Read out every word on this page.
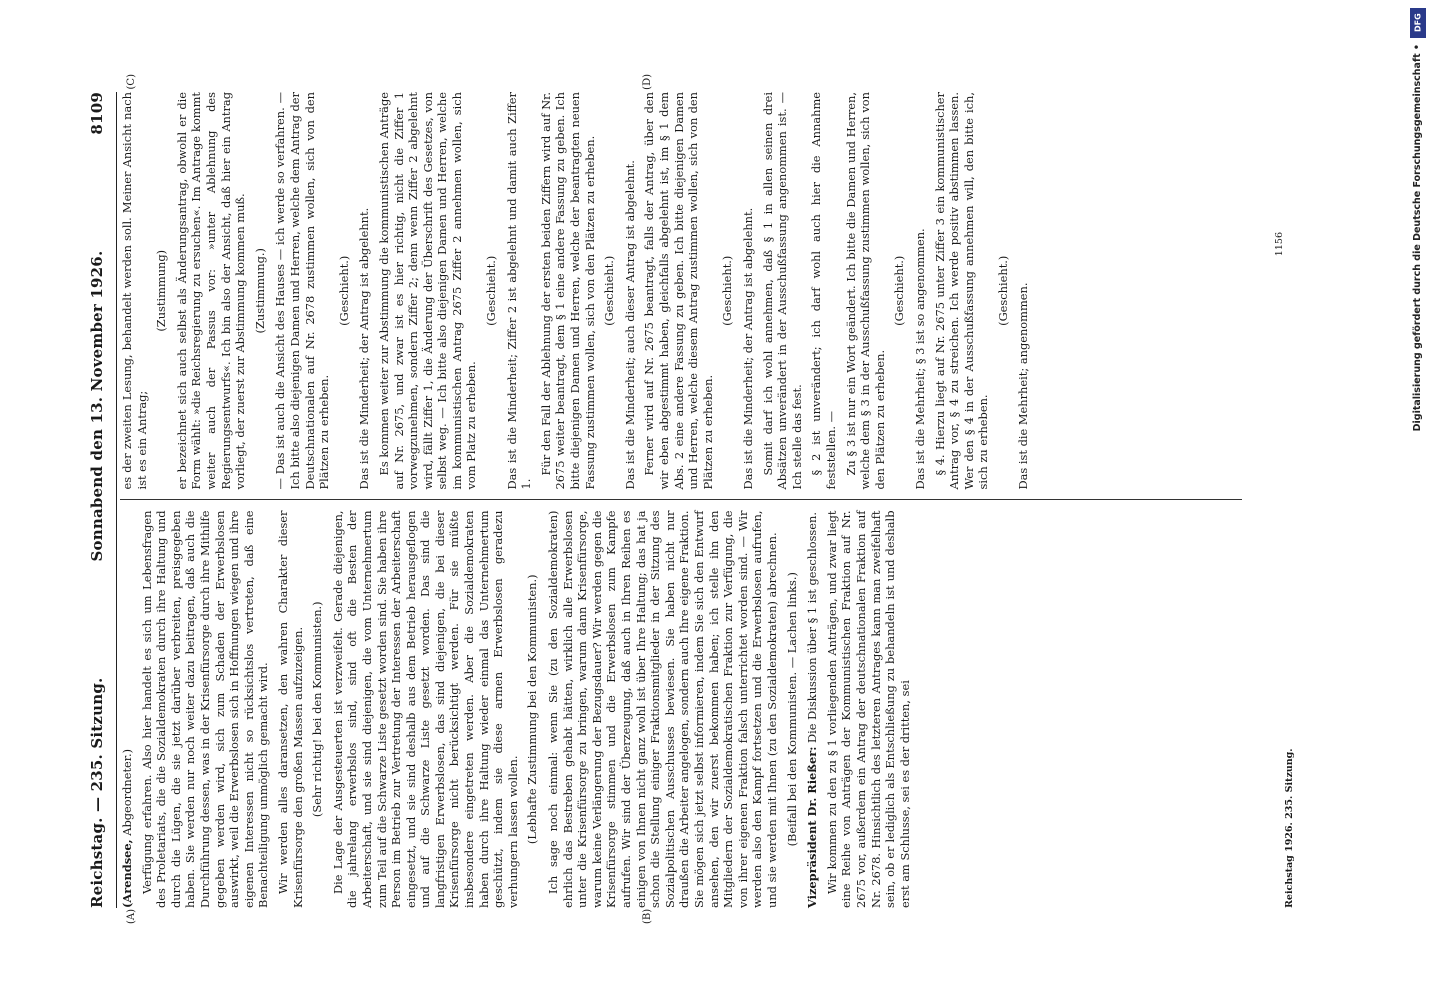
Reichstag. — 235. Sitzung.
Sonnabend den 13. November 1926.
8109
(A)	(B)
(C)	(D)

(Arendsee, Abgeordneter.) Verfügung erfahren. Also hier handelt es sich um Lebensfragen des Proletariats, die die Sozialdemokraten durch ihre Haltung und durch die Lügen, die sie jetzt darüber verbreiten, preisgegeben haben. Sie werden nur noch weiter dazu beitragen, daß auch die Durchführung dessen, was in der Krisenfürsorge durch ihre Mithilfe gegeben werden wird, sich zum Schaden der Erwerbslosen auswirkt, weil die Erwerbslosen sich in Hoffnungen wiegen und ihre eigenen Interessen nicht so rücksichtslos vertreten, daß eine Benachteiligung unmöglich gemacht wird. Wir werden alles daransetzen, den wahren Charakter dieser Krisenfürsorge den großen Massen aufzuzeigen. (Sehr richtig! bei den Kommunisten.) Die Lage der Ausgesteuerten ist verzweifelt. Gerade diejenigen, die jahrelang erwerbslos sind, sind oft die Besten der Arbeiterschaft, und sie sind diejenigen, die vom Unternehmertum zum Teil auf die Schwarze Liste gesetzt worden sind. Sie haben ihre Person im Betrieb zur Vertretung der Interessen der Arbeiterschaft eingesetzt, und sie sind deshalb aus dem Betrieb herausgeflogen und auf die Schwarze Liste gesetzt worden. Das sind die langfristigen Erwerbslosen, das sind diejenigen, die bei dieser Krisenfürsorge nicht berücksichtigt werden. Für sie müßte insbesondere eingetreten werden. Aber die Sozialdemokraten haben durch ihre Haltung wieder einmal das Unternehmertum geschützt, indem sie diese armen Erwerbslosen geradezu verhungern lassen wollen. (Lebhafte Zustimmung bei den Kommunisten.) Ich sage noch einmal: wenn Sie (zu den Sozialdemokraten) ehrlich das Bestreben gehabt hätten, wirklich alle Erwerbslosen unter die Krisenfürsorge zu bringen, warum dann Krisenfürsorge, warum keine Verlängerung der Bezugsdauer? Wir werden gegen die Krisenfürsorge stimmen und die Erwerbslosen zum Kampfe aufrufen. Wir sind der Überzeugung, daß auch in Ihren Reihen es einigen von Ihnen nicht ganz wohl ist über Ihre Haltung; das hat ja schon die Stellung einiger Fraktionsmitglieder in der Sitzung des Sozialpolitischen Ausschusses bewiesen. Sie haben nicht nur draußen die Arbeiter angelogen, sondern auch Ihre eigene Fraktion. Sie mögen sich jetzt selbst informieren, indem Sie sich den Entwurf ansehen, den wir zuerst bekommen haben; ich stelle ihn den Mitgliedern der Sozialdemokratischen Fraktion zur Verfügung, die von ihrer eigenen Fraktion falsch unterrichtet worden sind. — Wir werden also den Kampf fortsetzen und die Erwerbslosen aufrufen, und sie werden mit Ihnen (zu den Sozialdemokraten) abrechnen. (Beifall bei den Kommunisten. — Lachen links.) Vizepräsident Dr. Rießer: Die Diskussion über § 1 ist geschlossen. Wir kommen zu den zu § 1 vorliegenden Anträgen, und zwar liegt eine Reihe von Anträgen der Kommunistischen Fraktion auf Nr. 2675 vor, außerdem ein Antrag der deutschnationalen Fraktion auf Nr. 2678. Hinsichtlich des letzteren Antrages kann man zweifelhaft sein, ob er lediglich als Entschließung zu behandeln ist und deshalb erst am Schlusse, sei es der dritten, sei

es der zweiten Lesung, behandelt werden soll. Meiner Ansicht nach ist es ein Antrag;

(Zustimmung) er bezeichnet sich auch selbst als Änderungsantrag, obwohl er die Form wählt: »die Reichsregierung zu ersuchen«. Im Antrage kommt weiter auch der Passus vor: »unter Ablehnung des Regierungsentwurfs«. Ich bin also der Ansicht, daß hier ein Antrag vorliegt, der zuerst zur Abstimmung kommen muß. (Zustimmung.) — Das ist auch die Ansicht des Hauses — ich werde so verfahren. — Ich bitte also diejenigen Damen und Herren, welche dem Antrag der Deutschnationalen auf Nr. 2678 zustimmen wollen, sich von den Plätzen zu erheben.

(Geschieht.) Das ist die Minderheit; der Antrag ist abgelehnt. Es kommen weiter zur Abstimmung die kommunistischen Anträge auf Nr. 2675, und zwar ist es hier richtig, nicht die Ziffer 1 vorwegzunehmen, sondern Ziffer 2; denn wenn Ziffer 2 abgelehnt wird, fällt Ziffer 1, die Änderung der Überschrift des Gesetzes, von selbst weg. — Ich bitte also diejenigen Damen und Herren, welche im kommunistischen Antrag 2675 Ziffer 2 annehmen wollen, sich vom Platz zu erheben.

(Geschieht.) Das ist die Minderheit; Ziffer 2 ist abgelehnt und damit auch Ziffer 1.

Für den Fall der Ablehnung der ersten beiden Ziffern wird auf Nr. 2675 weiter beantragt, dem § 1 eine andere Fassung zu geben. Ich bitte diejenigen Damen und Herren, welche der beantragten neuen Fassung zustimmen wollen, sich von den Plätzen zu erheben. (Geschieht.) Das ist die Minderheit; auch dieser Antrag ist abgelehnt. Ferner wird auf Nr. 2675 beantragt, falls der Antrag, über den wir eben abgestimmt haben, gleichfalls abgelehnt ist, im § 1 dem Abs. 2 eine andere Fassung zu geben. Ich bitte diejenigen Damen und Herren, welche diesem Antrag zustimmen wollen, sich von den Plätzen zu erheben.

(Geschieht.) Das ist die Minderheit; der Antrag ist abgelehnt. Somit darf ich wohl annehmen, daß § 1 in allen seinen drei Absätzen unverändert in der Ausschußfassung angenommen ist. — Ich stelle das fest. § 2 ist unverändert; ich darf wohl auch hier die Annahme feststellen. — Zu § 3 ist nur ein Wort geändert. Ich bitte die Damen und Herren, welche dem § 3 in der Ausschußfassung zustimmen wollen, sich von den Plätzen zu erheben.

(Geschieht.) Das ist die Mehrheit; § 3 ist so angenommen. § 4. Hierzu liegt auf Nr. 2675 unter Ziffer 3 ein kommunistischer Antrag vor, § 4 zu streichen. Ich werde positiv abstimmen lassen. Wer den § 4 in der Ausschußfassung annehmen will, den bitte ich, sich zu erheben.

(Geschieht.) Das ist die Mehrheit; angenommen.

Reichstag 1926. 235. Sitzung.
1156
DFG
Digitalisierung gefördert durch die Deutsche Forschungsgemeinschaft •
